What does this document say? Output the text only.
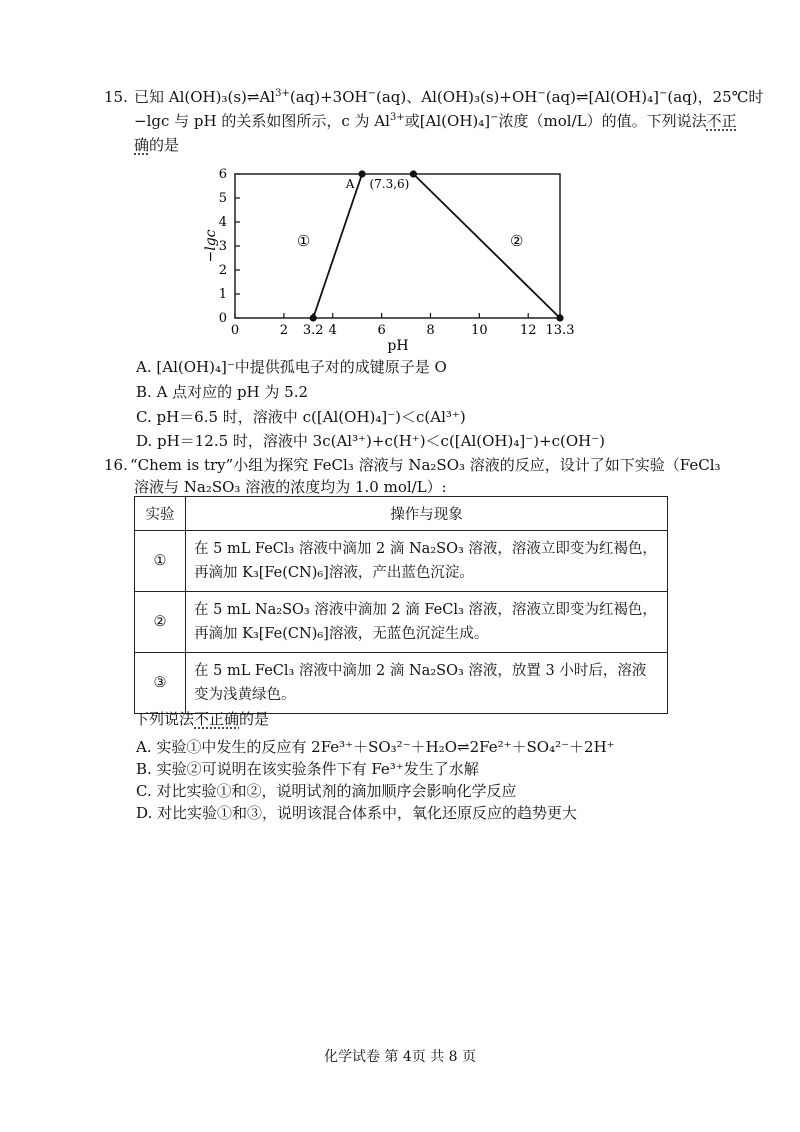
15. 已知 $Al(OH)_3(s)\rightleftharpoons Al^{3+}(aq)+3OH^-(aq)$、Al(OH)₃(s)+OH−(aq)⇌[Al(OH)₄]−(aq)，25℃时
−lgc 与 pH 的关系如图所示，c 为 $Al^{3+}$或[Al(OH)₄]−浓度（mol/L）的值。下列说法不正
确的是
0	2 3.2 4	6	8	10 12 13.3
0
1
2
3
4
5
6
①	②
A (7.3,6)
pH
−lgc
A. [Al(OH)₄]⁻中提供孤电子对的成键原子是 O
B. A 点对应的 pH 为 5.2
C. pH＝6.5 时，溶液中 c([Al(OH)₄]⁻)＜c(Al³⁺)
D. pH＝12.5 时，溶液中 3c(Al³⁺)+c(H⁺)＜c([Al(OH)₄]⁻)+c(OH⁻)
16. “Chem is try”小组为探究 FeCl₃ 溶液与 Na₂SO₃ 溶液的反应，设计了如下实验（FeCl₃
溶液与 Na₂SO₃ 溶液的浓度均为 1.0 mol/L）:
实验	操作与现象
①	在 5 mL FeCl₃ 溶液中滴加 2 滴 Na₂SO₃ 溶液，溶液立即变为红褐色，再滴加 K₃[Fe(CN)₆]溶液，产出蓝色沉淀。
②	在 5 mL Na₂SO₃ 溶液中滴加 2 滴 FeCl₃ 溶液，溶液立即变为红褐色，再滴加 K₃[Fe(CN)₆]溶液，无蓝色沉淀生成。
③	在 5 mL FeCl₃ 溶液中滴加 2 滴 Na₂SO₃ 溶液，放置 3 小时后，溶液变为浅黄绿色。
下列说法不正确的是
A. 实验①中发生的反应有 2Fe³⁺＋SO₃²⁻＋H₂O⇌2Fe²⁺＋SO₄²⁻＋2H⁺
B. 实验②可说明在该实验条件下有 Fe³⁺发生了水解
C. 对比实验①和②，说明试剂的滴加顺序会影响化学反应
D. 对比实验①和③，说明该混合体系中，氧化还原反应的趋势更大
化学试卷 第 4页 共 8 页
